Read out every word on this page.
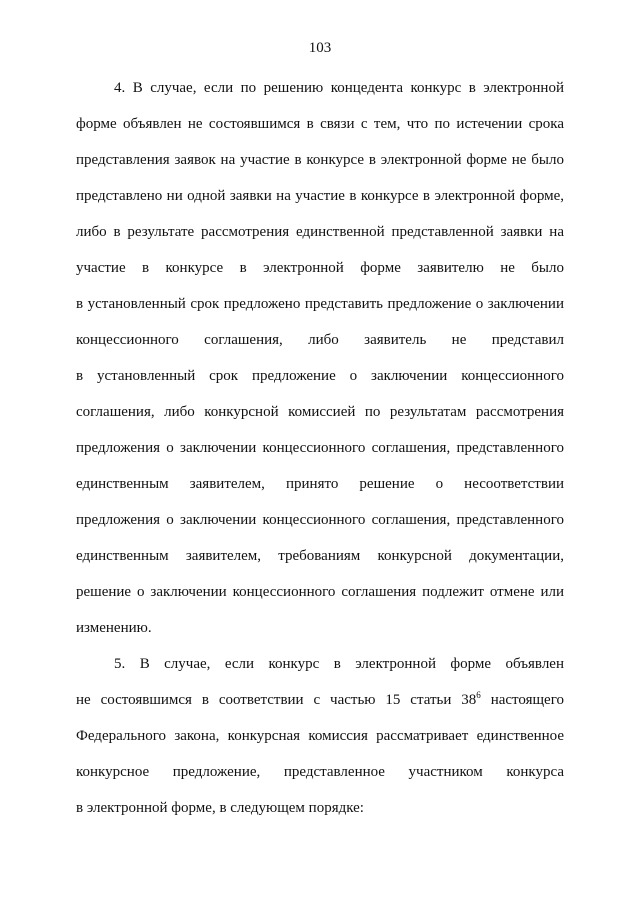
103
4. В случае, если по решению концедента конкурс в электронной
форме объявлен не состоявшимся в связи с тем, что по истечении срока
представления заявок на участие в конкурсе в электронной форме не было
представлено ни одной заявки на участие в конкурсе в электронной форме,
либо в результате рассмотрения единственной представленной заявки на
участие в конкурсе в электронной форме заявителю не было
в установленный срок предложено представить предложение о заключении
концессионного соглашения, либо заявитель не представил
в установленный срок предложение о заключении концессионного
соглашения, либо конкурсной комиссией по результатам рассмотрения
предложения о заключении концессионного соглашения, представленного
единственным заявителем, принято решение о несоответствии
предложения о заключении концессионного соглашения, представленного
единственным заявителем, требованиям конкурсной документации,
решение о заключении концессионного соглашения подлежит отмене или
изменению.
5. В случае, если конкурс в электронной форме объявлен
не состоявшимся в соответствии с частью 15 статьи $38^6$ настоящего
Федерального закона, конкурсная комиссия рассматривает единственное
конкурсное предложение, представленное участником конкурса
в электронной форме, в следующем порядке:
